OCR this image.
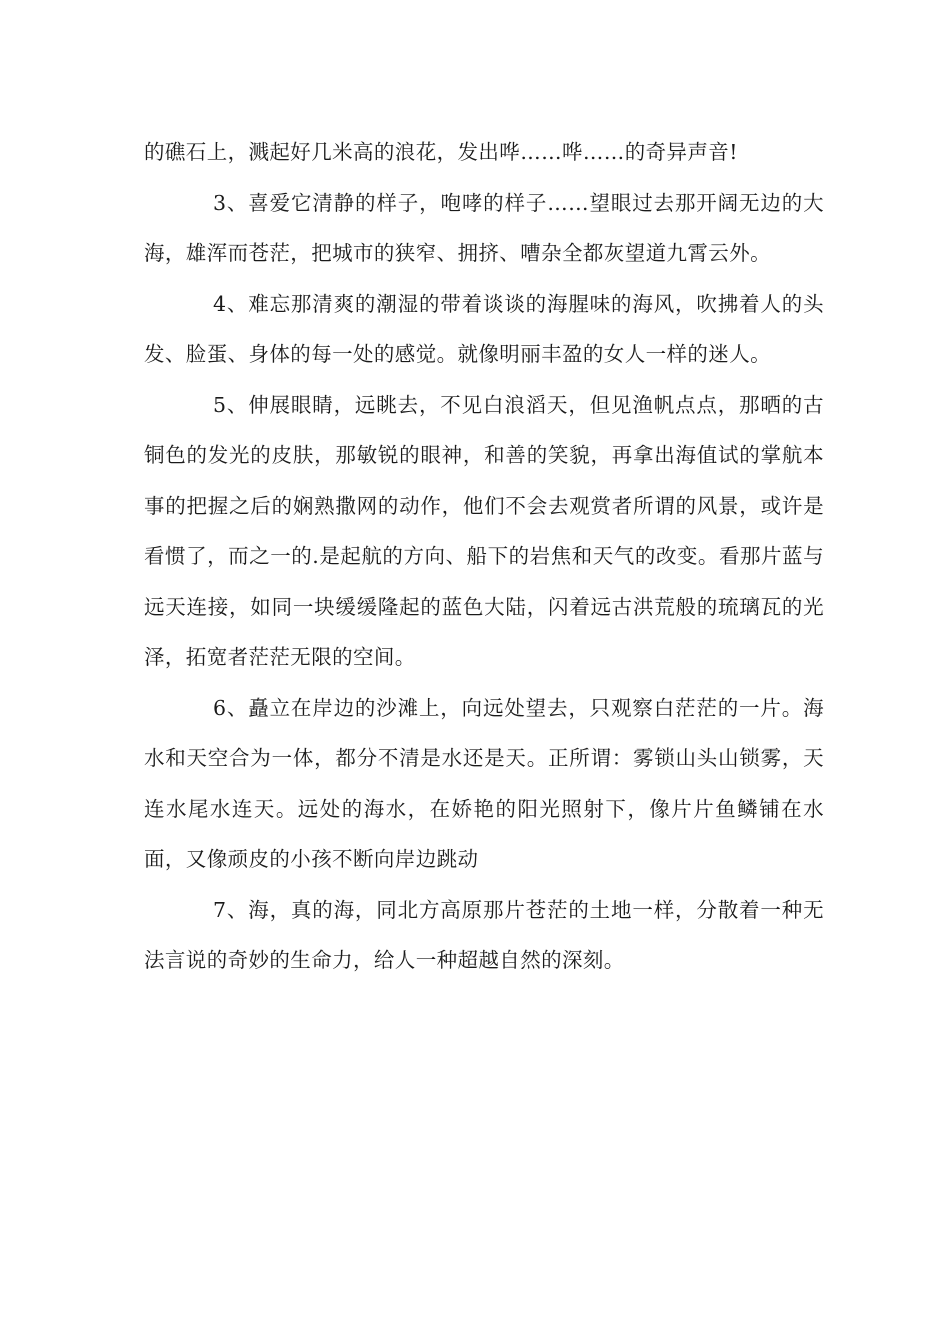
的礁石上，溅起好几米高的浪花，发出哗……哗……的奇异声音!

3、喜爱它清静的样子，咆哮的样子……望眼过去那开阔无边的大海，雄浑而苍茫，把城市的狭窄、拥挤、嘈杂全都灰望道九霄云外。

4、难忘那清爽的潮湿的带着谈谈的海腥味的海风，吹拂着人的头发、脸蛋、身体的每一处的感觉。就像明丽丰盈的女人一样的迷人。

5、伸展眼睛，远眺去，不见白浪滔天，但见渔帆点点，那晒的古铜色的发光的皮肤，那敏锐的眼神，和善的笑貌，再拿出海值试的掌航本事的把握之后的娴熟撒网的动作，他们不会去观赏者所谓的风景，或许是看惯了，而之一的.是起航的方向、船下的岩焦和天气的改变。看那片蓝与远天连接，如同一块缓缓隆起的蓝色大陆，闪着远古洪荒般的琉璃瓦的光泽，拓宽者茫茫无限的空间。

6、矗立在岸边的沙滩上，向远处望去，只观察白茫茫的一片。海水和天空合为一体，都分不清是水还是天。正所谓：雾锁山头山锁雾，天连水尾水连天。远处的海水，在娇艳的阳光照射下，像片片鱼鳞铺在水面，又像顽皮的小孩不断向岸边跳动

7、海，真的海，同北方高原那片苍茫的土地一样，分散着一种无法言说的奇妙的生命力，给人一种超越自然的深刻。
